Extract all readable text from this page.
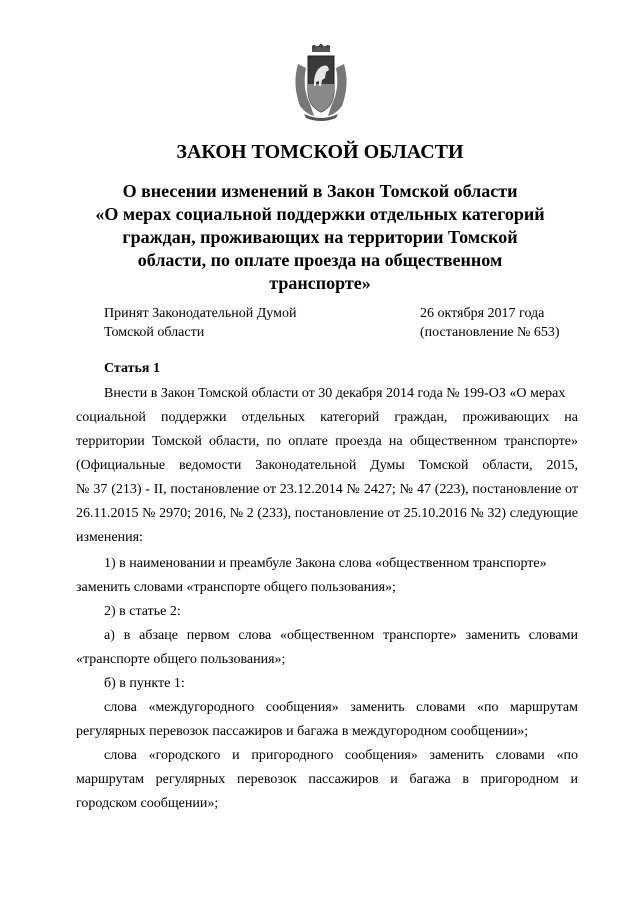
ЗАКОН ТОМСКОЙ ОБЛАСТИ
О внесении изменений в Закон Томской области
«О мерах социальной поддержки отдельных категорий
граждан, проживающих на территории Томской
области, по оплате проезда на общественном
транспорте»
Принят Законодательной Думой
Томской области
26 октября 2017 года
(постановление № 653)
Статья 1
Внести в Закон Томской области от 30 декабря 2014 года № 199-ОЗ «О мерах
социальной поддержки отдельных категорий граждан, проживающих на
территории Томской области, по оплате проезда на общественном транспорте»
(Официальные ведомости Законодательной Думы Томской области, 2015,
№ 37 (213) - II, постановление от 23.12.2014 № 2427; № 47 (223), постановление от
26.11.2015 № 2970; 2016, № 2 (233), постановление от 25.10.2016 № 32) следующие
изменения:
1) в наименовании и преамбуле Закона слова «общественном транспорте»
заменить словами «транспорте общего пользования»;
2) в статье 2:
а) в абзаце первом слова «общественном транспорте» заменить словами
«транспорте общего пользования»;
б) в пункте 1:
слова «междугородного сообщения» заменить словами «по маршрутам
регулярных перевозок пассажиров и багажа в междугородном сообщении»;
слова «городского и пригородного сообщения» заменить словами «по
маршрутам регулярных перевозок пассажиров и багажа в пригородном и
городском сообщении»;
